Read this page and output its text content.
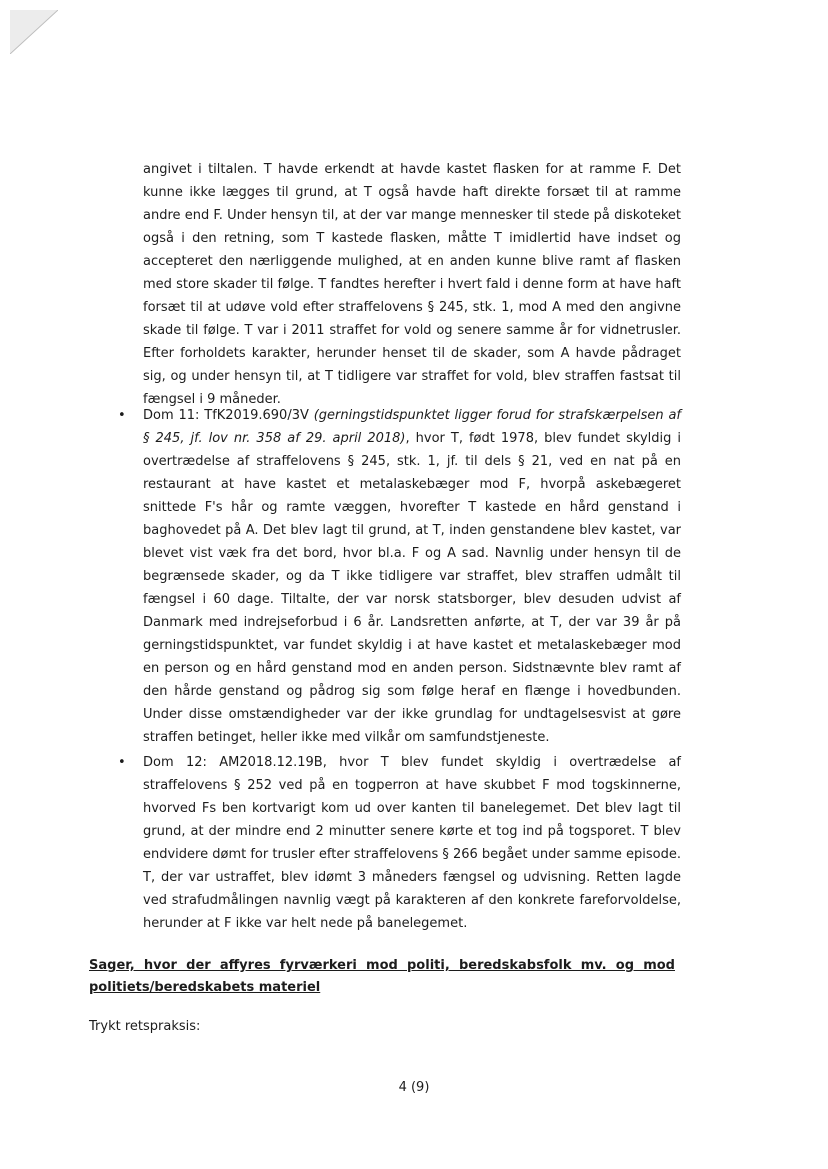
angivet i tiltalen. T havde erkendt at havde kastet flasken for at ramme F. Det kunne ikke lægges til grund, at T også havde haft direkte forsæt til at ramme andre end F. Under hensyn til, at der var mange mennesker til stede på diskoteket også i den retning, som T kastede flasken, måtte T imidlertid have indset og accepteret den nærliggende mulighed, at en anden kunne blive ramt af flasken med store skader til følge. T fandtes herefter i hvert fald i denne form at have haft forsæt til at udøve vold efter straffelovens § 245, stk. 1, mod A med den angivne skade til følge. T var i 2011 straffet for vold og senere samme år for vidnetrusler. Efter forholdets karakter, herunder henset til de skader, som A havde pådraget sig, og under hensyn til, at T tidligere var straffet for vold, blev straffen fastsat til fængsel i 9 måneder.

• Dom 11: TfK2019.690/3V (gerningstidspunktet ligger forud for strafskærpelsen af § 245, jf. lov nr. 358 af 29. april 2018), hvor T, født 1978, blev fundet skyldig i overtrædelse af straffelovens § 245, stk. 1, jf. til dels § 21, ved en nat på en restaurant at have kastet et metalaskebæger mod F, hvorpå askebægeret snittede F's hår og ramte væggen, hvorefter T kastede en hård genstand i baghovedet på A. Det blev lagt til grund, at T, inden genstandene blev kastet, var blevet vist væk fra det bord, hvor bl.a. F og A sad. Navnlig under hensyn til de begrænsede skader, og da T ikke tidligere var straffet, blev straffen udmålt til fængsel i 60 dage. Tiltalte, der var norsk statsborger, blev desuden udvist af Danmark med indrejseforbud i 6 år. Landsretten anførte, at T, der var 39 år på gerningstidspunktet, var fundet skyldig i at have kastet et metalaskebæger mod en person og en hård genstand mod en anden person. Sidstnævnte blev ramt af den hårde genstand og pådrog sig som følge heraf en flænge i hovedbunden. Under disse omstændigheder var der ikke grundlag for undtagelsesvist at gøre straffen betinget, heller ikke med vilkår om samfundstjeneste.

• Dom 12: AM2018.12.19B, hvor T blev fundet skyldig i overtrædelse af straffelovens § 252 ved på en togperron at have skubbet F mod togskinnerne, hvorved Fs ben kortvarigt kom ud over kanten til banelegemet. Det blev lagt til grund, at der mindre end 2 minutter senere kørte et tog ind på togsporet. T blev endvidere dømt for trusler efter straffelovens § 266 begået under samme episode. T, der var ustraffet, blev idømt 3 måneders fængsel og udvisning. Retten lagde ved strafudmålingen navnlig vægt på karakteren af den konkrete fareforvoldelse, herunder at F ikke var helt nede på banelegemet.

Sager, hvor der affyres fyrværkeri mod politi, beredskabsfolk mv. og mod politiets/beredskabets materiel

Trykt retspraksis:

4 (9)
